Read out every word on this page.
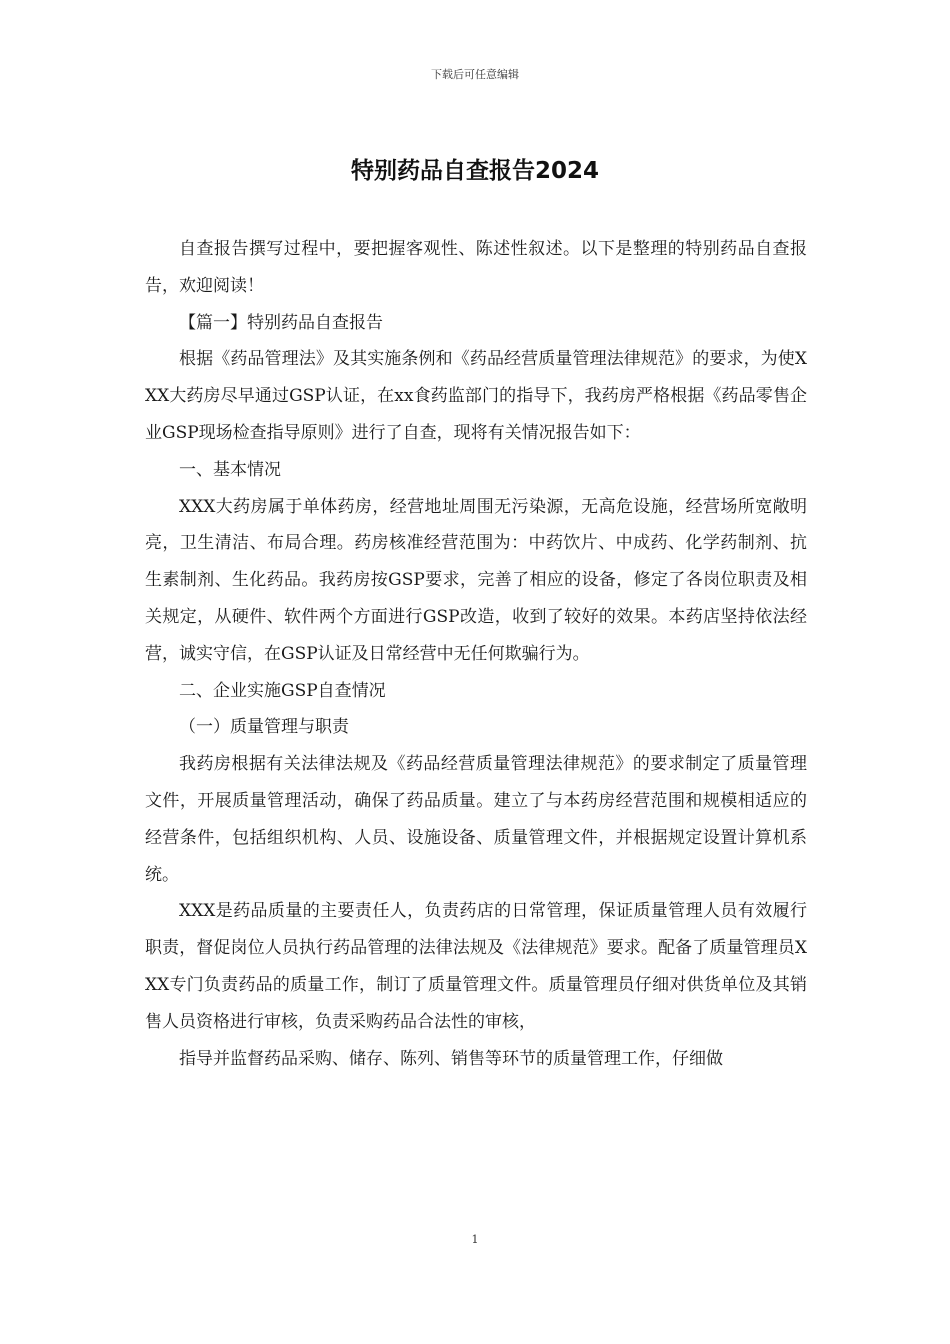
下载后可任意编辑
特别药品自查报告2024

自查报告撰写过程中，要把握客观性、陈述性叙述。以下是整理的特别药品自查报告，欢迎阅读！

【篇一】特别药品自查报告

根据《药品管理法》及其实施条例和《药品经营质量管理法律规范》的要求，为使XXX大药房尽早通过GSP认证，在xx食药监部门的指导下，我药房严格根据《药品零售企业GSP现场检查指导原则》进行了自查，现将有关情况报告如下：

一、基本情况

XXX大药房属于单体药房，经营地址周围无污染源，无高危设施，经营场所宽敞明亮，卫生清洁、布局合理。药房核准经营范围为：中药饮片、中成药、化学药制剂、抗生素制剂、生化药品。我药房按GSP要求，完善了相应的设备，修定了各岗位职责及相关规定，从硬件、软件两个方面进行GSP改造，收到了较好的效果。本药店坚持依法经营，诚实守信，在GSP认证及日常经营中无任何欺骗行为。

二、企业实施GSP自查情况

（一）质量管理与职责

我药房根据有关法律法规及《药品经营质量管理法律规范》的要求制定了质量管理文件，开展质量管理活动，确保了药品质量。建立了与本药房经营范围和规模相适应的经营条件，包括组织机构、人员、设施设备、质量管理文件，并根据规定设置计算机系统。

XXX是药品质量的主要责任人，负责药店的日常管理，保证质量管理人员有效履行职责，督促岗位人员执行药品管理的法律法规及《法律规范》要求。配备了质量管理员XXX专门负责药品的质量工作，制订了质量管理文件。质量管理员仔细对供货单位及其销售人员资格进行审核，负责采购药品合法性的审核，

指导并监督药品采购、储存、陈列、销售等环节的质量管理工作，仔细做

1
